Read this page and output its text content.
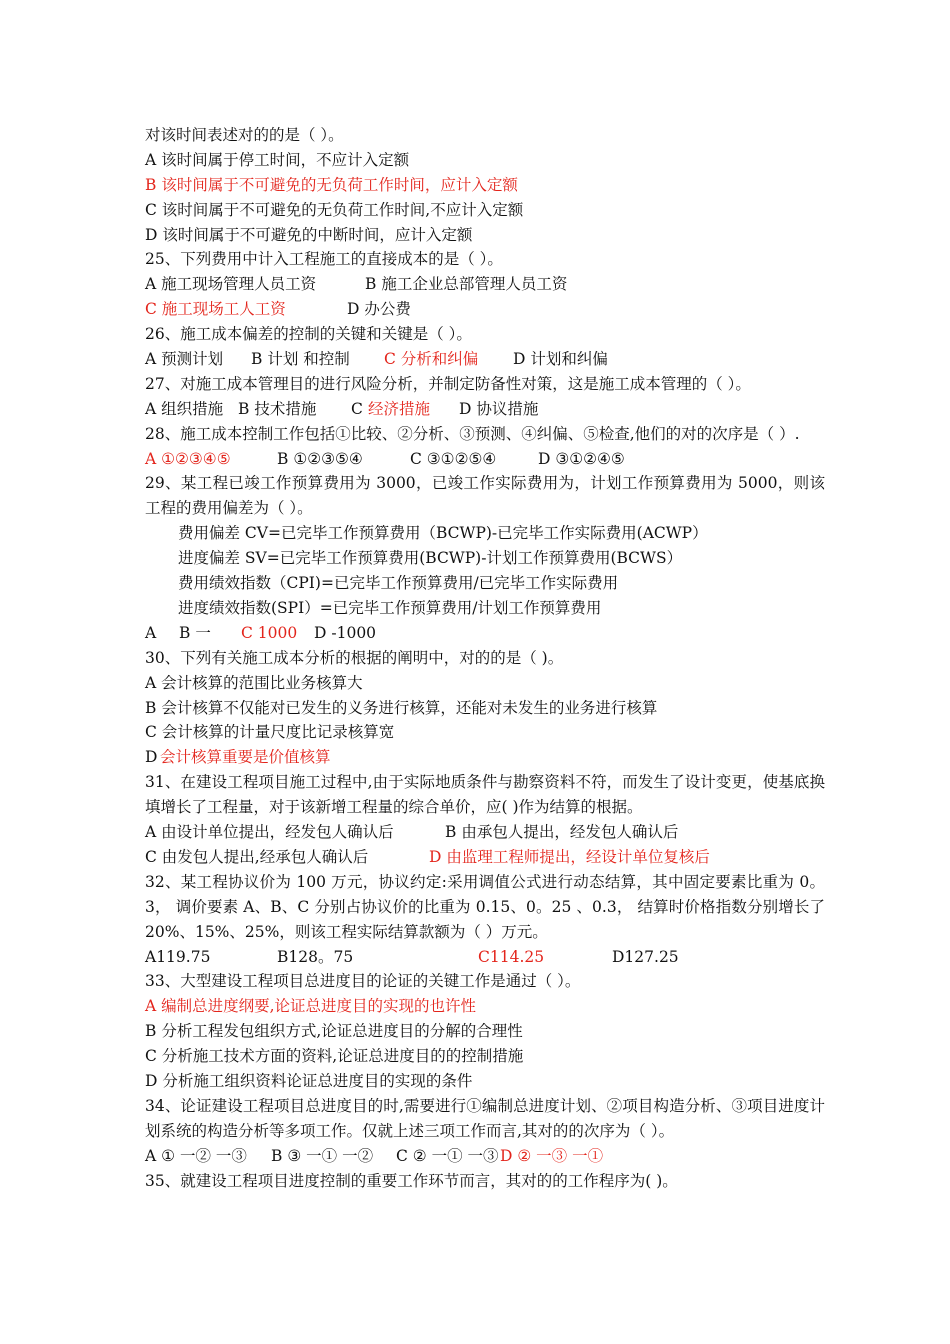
对该时间表述对的的是（ ）。
A 该时间属于停工时间，不应计入定额
B 该时间属于不可避免的无负荷工作时间，应计入定额
C 该时间属于不可避免的无负荷工作时间,不应计入定额
D 该时间属于不可避免的中断时间，应计入定额
25、下列费用中计入工程施工的直接成本的是（ ）。
A 施工现场管理人员工资	B 施工企业总部管理人员工资
C 施工现场工人工资	D 办公费
26、施工成本偏差的控制的关键和关键是（ ）。
A 预测计划 B 计划 和控制 C 分析和纠偏 D 计划和纠偏
27、对施工成本管理目的进行风险分析，并制定防备性对策，这是施工成本管理的（ ）。
A 组织措施 B 技术措施 C经济措施 D 协议措施
28、施工成本控制工作包括①比较、②分析、③预测、④纠偏、⑤检查,他们的对的次序是（ ）.
A ①②③④⑤	B ①②③⑤④	C ③①②⑤④	D ③①②④⑤
29、某工程已竣工作预算费用为 3000，已竣工作实际费用为，计划工作预算费用为 5000，则该工程的费用偏差为（ ）。
费用偏差 CV=已完毕工作预算费用（BCWP)-已完毕工作实际费用(ACWP）
进度偏差 SV=已完毕工作预算费用(BCWP)-计划工作预算费用(BCWS）
费用绩效指数（CPI)=已完毕工作预算费用/已完毕工作实际费用
进度绩效指数(SPI）=已完毕工作预算费用/计划工作预算费用
A B 一 C 1000 D -1000
30、下列有关施工成本分析的根据的阐明中，对的的是（ )。
A 会计核算的范围比业务核算大
B 会计核算不仅能对已发生的义务进行核算，还能对未发生的业务进行核算
C 会计核算的计量尺度比记录核算宽
D会计核算重要是价值核算
31、在建设工程项目施工过程中,由于实际地质条件与勘察资料不符，而发生了设计变更，使基底换填增长了工程量，对于该新增工程量的综合单价，应( )作为结算的根据。
A 由设计单位提出，经发包人确认后	B 由承包人提出，经发包人确认后
C 由发包人提出,经承包人确认后	D 由监理工程师提出，经设计单位复核后
32、某工程协议价为 100 万元，协议约定:采用调值公式进行动态结算，其中固定要素比重为 0。3， 调价要素 A、B、C 分别占协议价的比重为 0.15、0。25 、0.3， 结算时价格指数分别增长了 20%、15%、25%，则该工程实际结算款额为（ ）万元。
A119.75	B128。75	C114.25	D127.25
33、大型建设工程项目总进度目的论证的关键工作是通过（ ）。
A 编制总进度纲要,论证总进度目的实现的也许性
B 分析工程发包组织方式,论证总进度目的分解的合理性
C 分析施工技术方面的资料,论证总进度目的的控制措施
D 分析施工组织资料论证总进度目的实现的条件
34、论证建设工程项目总进度目的时,需要进行①编制总进度计划、②项目构造分析、③项目进度计划系统的构造分析等多项工作。仅就上述三项工作而言,其对的的次序为（ ）。
A ① 一② 一③ B ③ 一① 一② C ② 一① 一③D ② 一③ 一①
35、就建设工程项目进度控制的重要工作环节而言，其对的的工作程序为( )。
